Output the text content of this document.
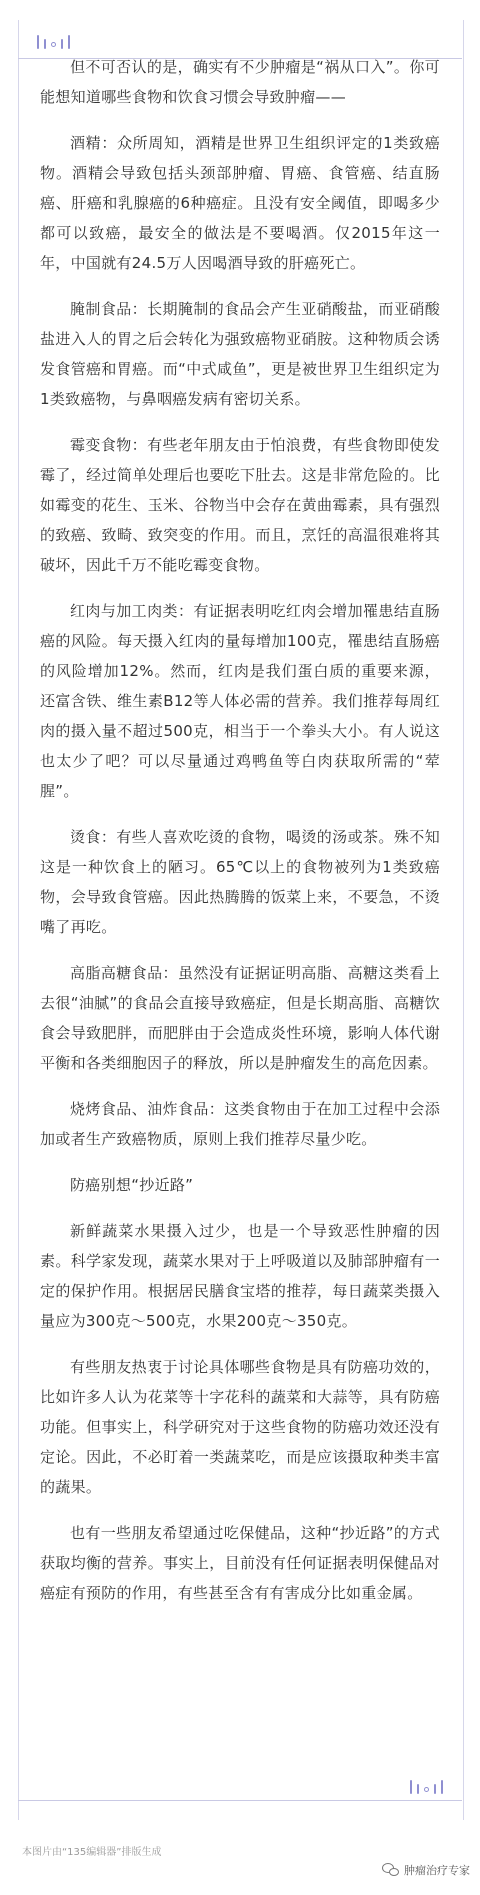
但不可否认的是，确实有不少肿瘤是“祸从口入”。你可能想知道哪些食物和饮食习惯会导致肿瘤——

酒精：众所周知，酒精是世界卫生组织评定的1类致癌物。酒精会导致包括头颈部肿瘤、胃癌、食管癌、结直肠癌、肝癌和乳腺癌的6种癌症。且没有安全阈值，即喝多少都可以致癌，最安全的做法是不要喝酒。仅2015年这一年，中国就有24.5万人因喝酒导致的肝癌死亡。

腌制食品：长期腌制的食品会产生亚硝酸盐，而亚硝酸盐进入人的胃之后会转化为强致癌物亚硝胺。这种物质会诱发食管癌和胃癌。而“中式咸鱼”，更是被世界卫生组织定为1类致癌物，与鼻咽癌发病有密切关系。

霉变食物：有些老年朋友由于怕浪费，有些食物即使发霉了，经过简单处理后也要吃下肚去。这是非常危险的。比如霉变的花生、玉米、谷物当中会存在黄曲霉素，具有强烈的致癌、致畸、致突变的作用。而且，烹饪的高温很难将其破坏，因此千万不能吃霉变食物。

红肉与加工肉类：有证据表明吃红肉会增加罹患结直肠癌的风险。每天摄入红肉的量每增加100克，罹患结直肠癌的风险增加12%。然而，红肉是我们蛋白质的重要来源，还富含铁、维生素B12等人体必需的营养。我们推荐每周红肉的摄入量不超过500克，相当于一个拳头大小。有人说这也太少了吧？可以尽量通过鸡鸭鱼等白肉获取所需的“荤腥”。

烫食：有些人喜欢吃烫的食物，喝烫的汤或茶。殊不知这是一种饮食上的陋习。65℃以上的食物被列为1类致癌物，会导致食管癌。因此热腾腾的饭菜上来，不要急，不烫嘴了再吃。

高脂高糖食品：虽然没有证据证明高脂、高糖这类看上去很“油腻”的食品会直接导致癌症，但是长期高脂、高糖饮食会导致肥胖，而肥胖由于会造成炎性环境，影响人体代谢平衡和各类细胞因子的释放，所以是肿瘤发生的高危因素。

烧烤食品、油炸食品：这类食物由于在加工过程中会添加或者生产致癌物质，原则上我们推荐尽量少吃。

防癌别想“抄近路”

新鲜蔬菜水果摄入过少，也是一个导致恶性肿瘤的因素。科学家发现，蔬菜水果对于上呼吸道以及肺部肿瘤有一定的保护作用。根据居民膳食宝塔的推荐，每日蔬菜类摄入量应为300克～500克，水果200克～350克。

有些朋友热衷于讨论具体哪些食物是具有防癌功效的，比如许多人认为花菜等十字花科的蔬菜和大蒜等，具有防癌功能。但事实上，科学研究对于这些食物的防癌功效还没有定论。因此，不必盯着一类蔬菜吃，而是应该摄取种类丰富的蔬果。

也有一些朋友希望通过吃保健品，这种“抄近路”的方式获取均衡的营养。事实上，目前没有任何证据表明保健品对癌症有预防的作用，有些甚至含有有害成分比如重金属。

本图片由“135编辑器”排版生成
肿瘤治疗专家
